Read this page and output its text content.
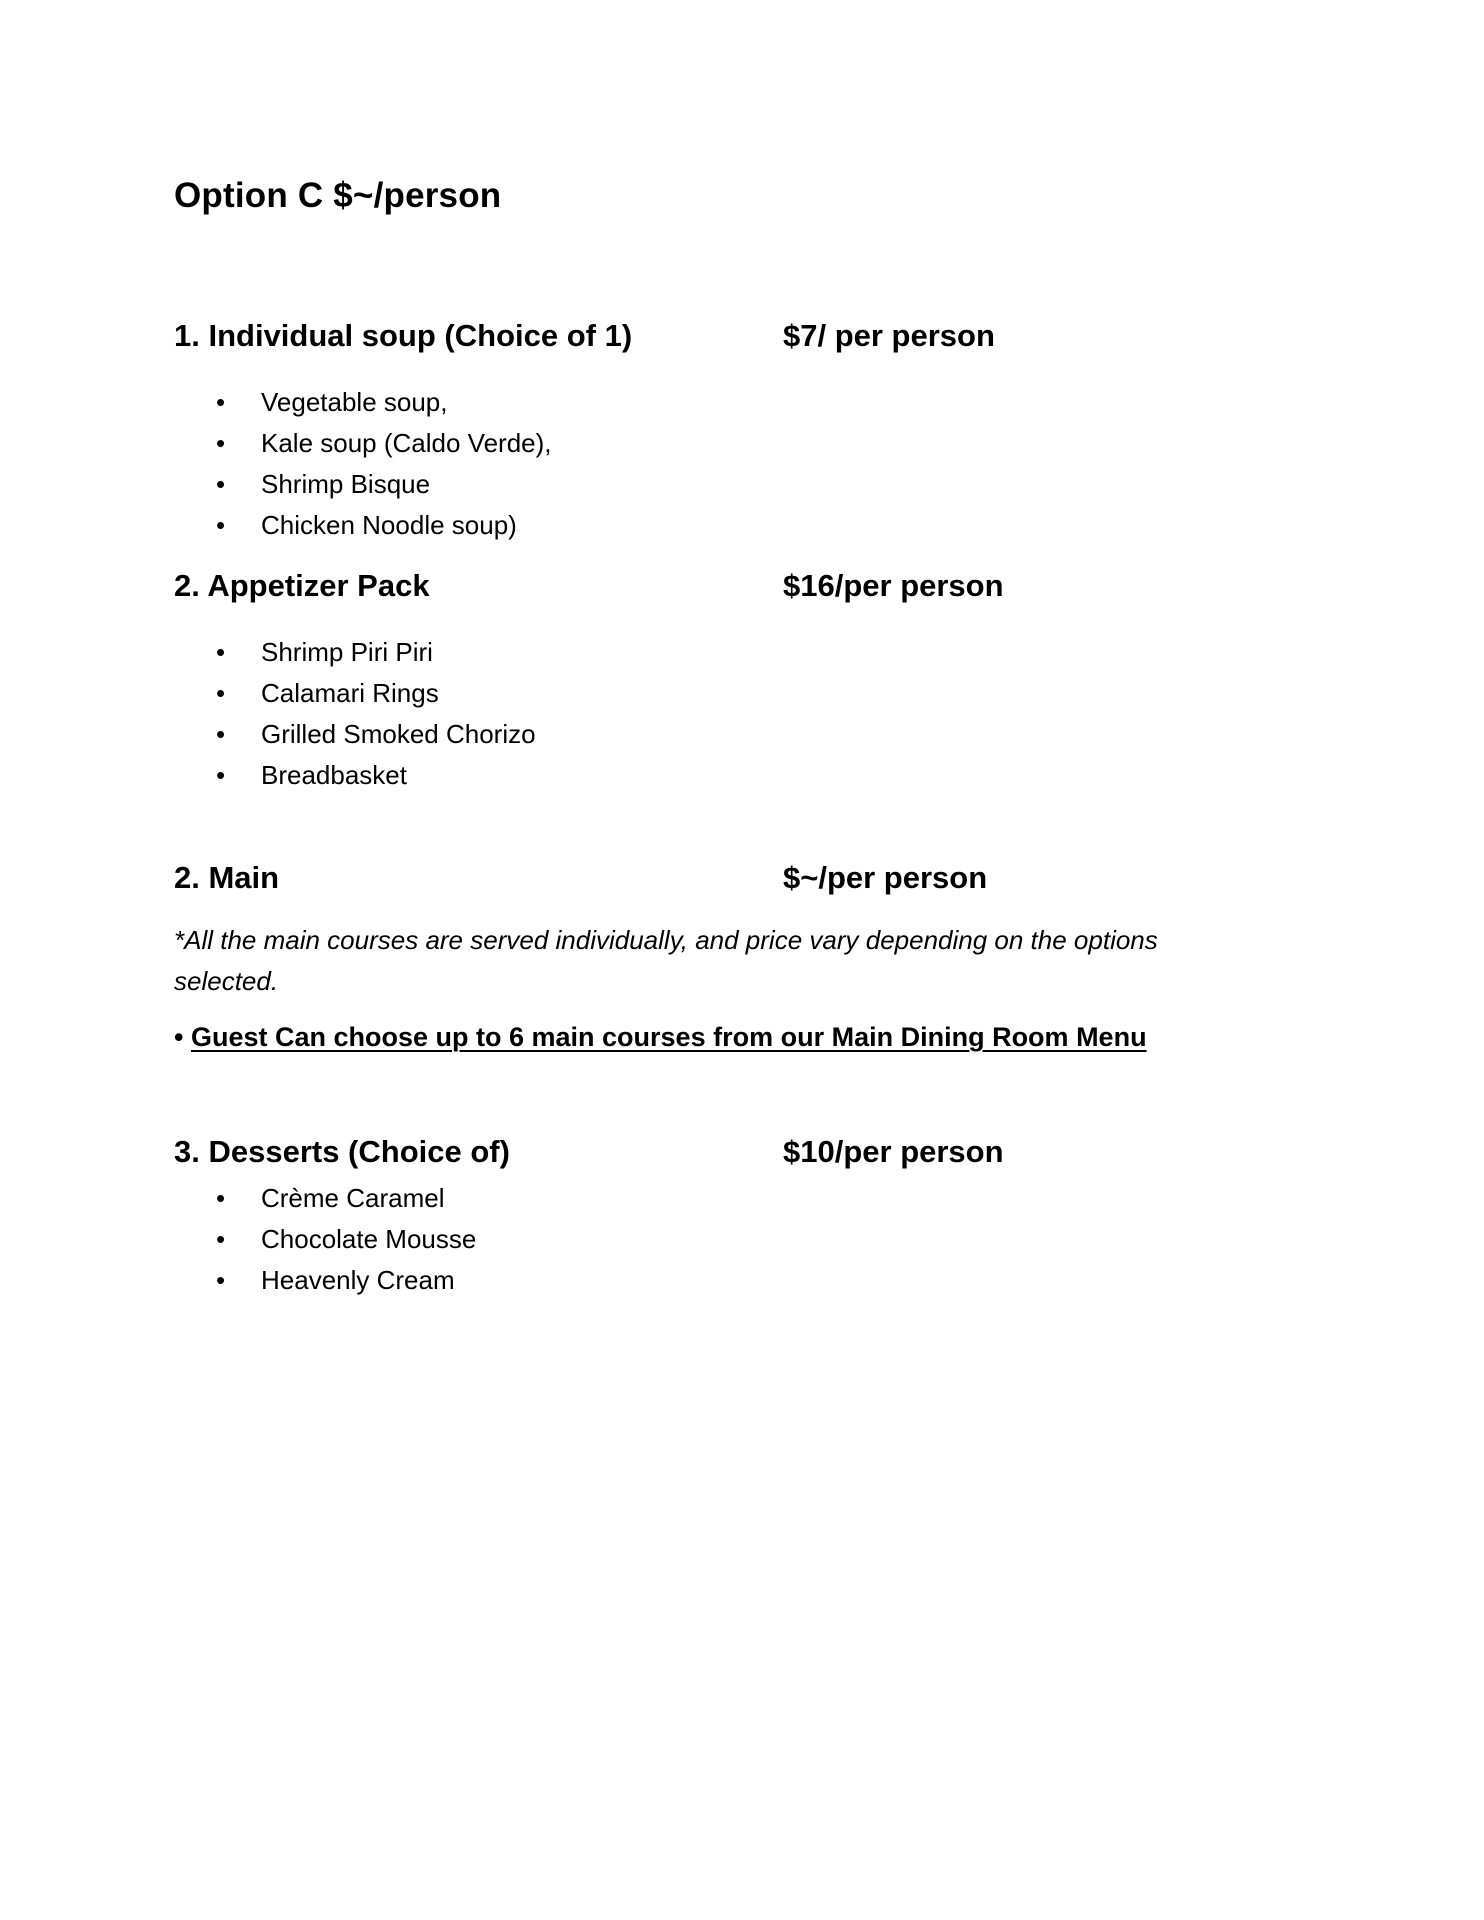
Option C $~/person
1. Individual soup (Choice of 1)	$7/ per person
• Vegetable soup,
• Kale soup (Caldo Verde),
• Shrimp Bisque
• Chicken Noodle soup)
2. Appetizer Pack	$16/per person
• Shrimp Piri Piri
• Calamari Rings
• Grilled Smoked Chorizo
• Breadbasket
2. Main	$~/per person

*All the main courses are served individually, and price vary depending on the options selected.

• Guest Can choose up to 6 main courses from our Main Dining Room Menu

3. Desserts (Choice of)	$10/per person
• Crème Caramel
• Chocolate Mousse
• Heavenly Cream
